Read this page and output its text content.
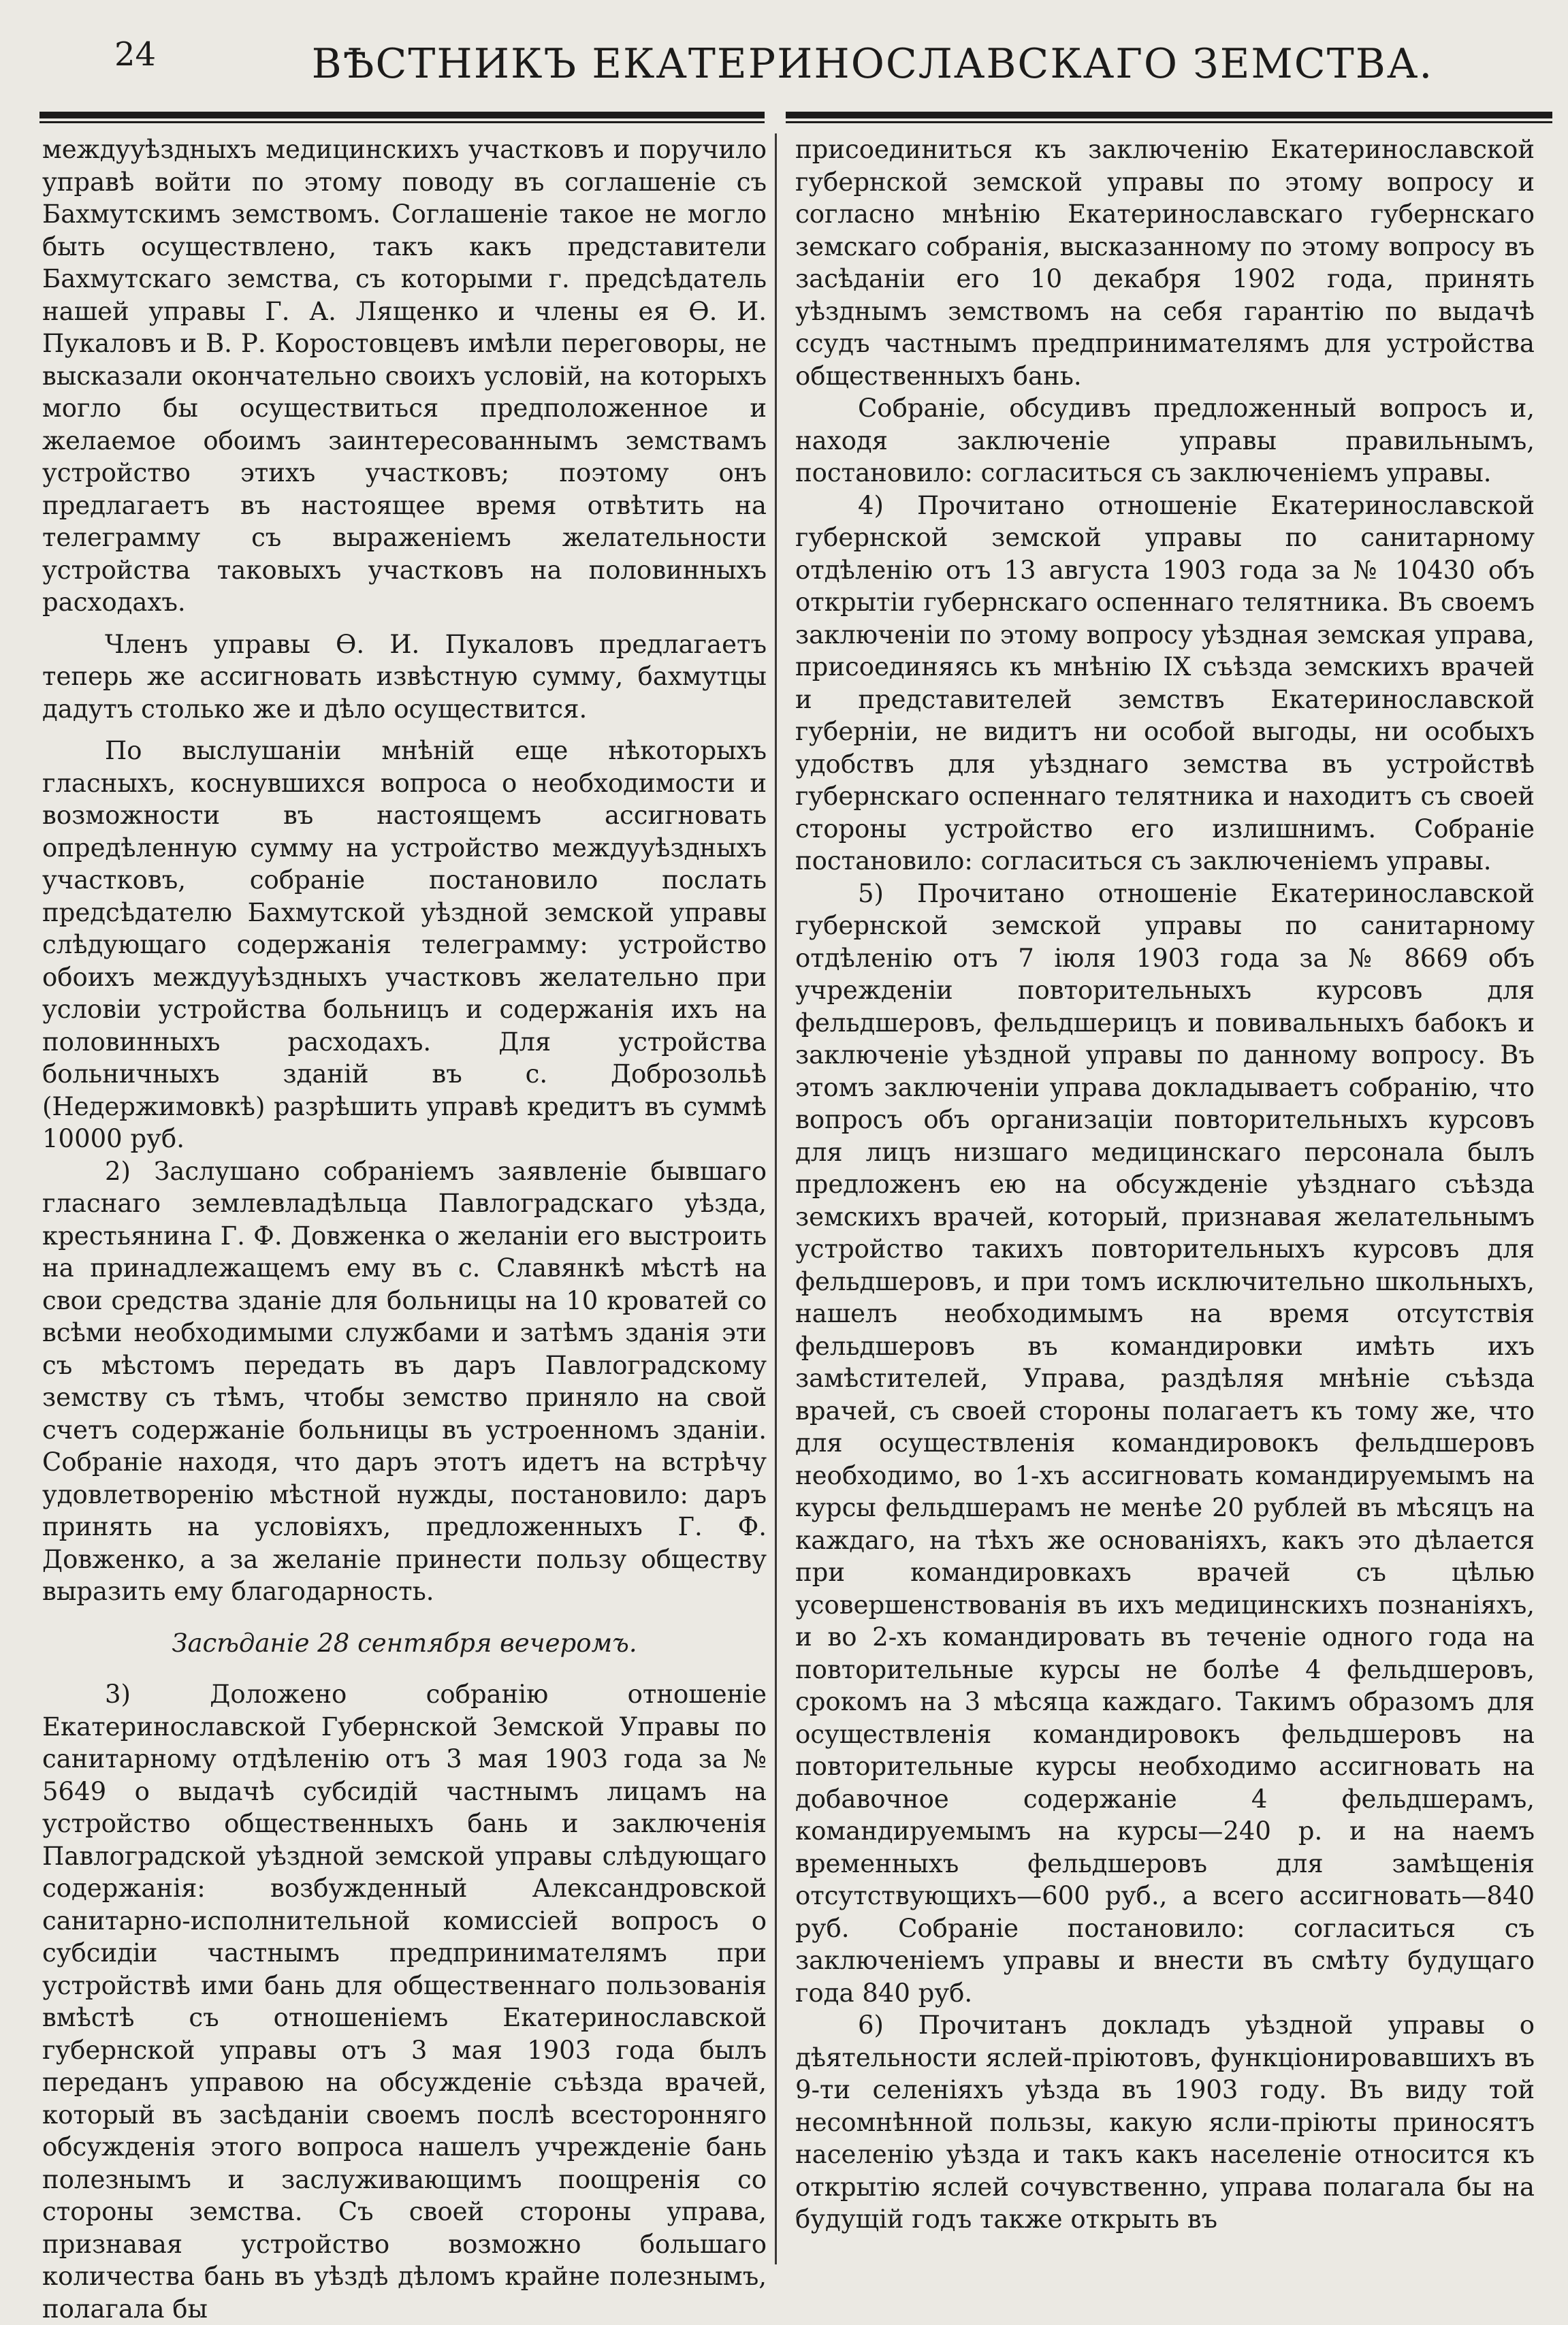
24	ВѢСТНИКЪ ЕКАТЕРИНОСЛАВСКАГО ЗЕМСТВА.

междууѣздныхъ медицинскихъ участковъ и поручило управѣ войти по этому поводу въ соглашеніе съ Бахмутскимъ земствомъ. Соглашеніе такое не могло быть осуществлено, такъ какъ представители Бахмутскаго земства, съ которыми г. предсѣдатель нашей управы Г. А. Лященко и члены ея Ѳ. И. Пукаловъ и В. Р. Коростовцевъ имѣли переговоры, не высказали окончательно своихъ условій, на которыхъ могло бы осуществиться предположенное и желаемое обоимъ заинтересованнымъ земствамъ устройство этихъ участковъ; поэтому онъ предлагаетъ въ настоящее время отвѣтить на телеграмму съ выраженіемъ желательности устройства таковыхъ участковъ на половинныхъ расходахъ.

Членъ управы Ѳ. И. Пукаловъ предлагаетъ теперь же ассигновать извѣстную сумму, бахмутцы дадутъ столько же и дѣло осуществится.

По выслушаніи мнѣній еще нѣкоторыхъ гласныхъ, коснувшихся вопроса о необходимости и возможности въ настоящемъ ассигновать опредѣленную сумму на устройство междууѣздныхъ участковъ, собраніе постановило послать предсѣдателю Бахмутской уѣздной земской управы слѣдующаго содержанія телеграмму: устройство обоихъ междууѣздныхъ участковъ желательно при условіи устройства больницъ и содержанія ихъ на половинныхъ расходахъ. Для устройства больничныхъ зданій въ с. Доброзольѣ (Недержимовкѣ) разрѣшить управѣ кредитъ въ суммѣ 10000 руб.

2) Заслушано собраніемъ заявленіе бывшаго гласнаго землевладѣльца Павлоградскаго уѣзда, крестьянина Г. Ф. Довженка о желаніи его выстроить на принадлежащемъ ему въ с. Славянкѣ мѣстѣ на свои средства зданіе для больницы на 10 кроватей со всѣми необходимыми службами и затѣмъ зданія эти съ мѣстомъ передать въ даръ Павлоградскому земству съ тѣмъ, чтобы земство приняло на свой счетъ содержаніе больницы въ устроенномъ зданіи. Собраніе находя, что даръ этотъ идетъ на встрѣчу удовлетворенію мѣстной нужды, постановило: даръ принять на условіяхъ, предложенныхъ Г. Ф. Довженко, а за желаніе принести пользу обществу выразить ему благодарность.

Засѣданіе 28 сентября вечеромъ.

3) Доложено собранію отношеніе Екатеринославской Губернской Земской Управы по санитарному отдѣленію отъ 3 мая 1903 года за № 5649 о выдачѣ субсидій частнымъ лицамъ на устройство общественныхъ бань и заключенія Павлоградской уѣздной земской управы слѣдующаго содержанія: возбужденный Александровской санитарно-исполнительной комиссіей вопросъ о субсидіи частнымъ предпринимателямъ при устройствѣ ими бань для общественнаго пользованія вмѣстѣ съ отношеніемъ Екатеринославской губернской управы отъ 3 мая 1903 года былъ переданъ управою на обсужденіе съѣзда врачей, который въ засѣданіи своемъ послѣ всесторонняго обсужденія этого вопроса нашелъ учрежденіе бань полезнымъ и заслуживающимъ поощренія со стороны земства. Съ своей стороны управа, признавая устройство возможно большаго количества бань въ уѣздѣ дѣломъ крайне полезнымъ, полагала бы

присоединиться къ заключенію Екатеринославской губернской земской управы по этому вопросу и согласно мнѣнію Екатеринославскаго губернскаго земскаго собранія, высказанному по этому вопросу въ засѣданіи его 10 декабря 1902 года, принять уѣзднымъ земствомъ на себя гарантію по выдачѣ ссудъ частнымъ предпринимателямъ для устройства общественныхъ бань.

Собраніе, обсудивъ предложенный вопросъ и, находя заключеніе управы правильнымъ, постановило: согласиться съ заключеніемъ управы.

4) Прочитано отношеніе Екатеринославской губернской земской управы по санитарному отдѣленію отъ 13 августа 1903 года за № 10430 объ открытіи губернскаго оспеннаго телятника. Въ своемъ заключеніи по этому вопросу уѣздная земская управа, присоединяясь къ мнѣнію IX съѣзда земскихъ врачей и представителей земствъ Екатеринославской губерніи, не видитъ ни особой выгоды, ни особыхъ удобствъ для уѣзднаго земства въ устройствѣ губернскаго оспеннаго телятника и находитъ съ своей стороны устройство его излишнимъ. Собраніе постановило: согласиться съ заключеніемъ управы.

5) Прочитано отношеніе Екатеринославской губернской земской управы по санитарному отдѣленію отъ 7 іюля 1903 года за № 8669 объ учрежденіи повторительныхъ курсовъ для фельдшеровъ, фельдшерицъ и повивальныхъ бабокъ и заключеніе уѣздной управы по данному вопросу. Въ этомъ заключеніи управа докладываетъ собранію, что вопросъ объ организаціи повторительныхъ курсовъ для лицъ низшаго медицинскаго персонала былъ предложенъ ею на обсужденіе уѣзднаго съѣзда земскихъ врачей, который, признавая желательнымъ устройство такихъ повторительныхъ курсовъ для фельдшеровъ, и при томъ исключительно школьныхъ, нашелъ необходимымъ на время отсутствія фельдшеровъ въ командировки имѣть ихъ замѣстителей, Управа, раздѣляя мнѣніе съѣзда врачей, съ своей стороны полагаетъ къ тому же, что для осуществленія командировокъ фельдшеровъ необходимо, во 1-хъ ассигновать командируемымъ на курсы фельдшерамъ не менѣе 20 рублей въ мѣсяцъ на каждаго, на тѣхъ же основаніяхъ, какъ это дѣлается при командировкахъ врачей съ цѣлью усовершенствованія въ ихъ медицинскихъ познаніяхъ, и во 2-хъ командировать въ теченіе одного года на повторительные курсы не болѣе 4 фельдшеровъ, срокомъ на 3 мѣсяца каждаго. Такимъ образомъ для осуществленія командировокъ фельдшеровъ на повторительные курсы необходимо ассигновать на добавочное содержаніе 4 фельдшерамъ, командируемымъ на курсы—240 р. и на наемъ временныхъ фельдшеровъ для замѣщенія отсутствующихъ—600 руб., а всего ассигновать—840 руб. Собраніе постановило: согласиться съ заключеніемъ управы и внести въ смѣту будущаго года 840 руб.

6) Прочитанъ докладъ уѣздной управы о дѣятельности яслей-пріютовъ, функціонировавшихъ въ 9-ти селеніяхъ уѣзда въ 1903 году. Въ виду той несомнѣнной пользы, какую ясли-пріюты приносятъ населенію уѣзда и такъ какъ населеніе относится къ открытію яслей сочувственно, управа полагала бы на будущій годъ также открыть въ
